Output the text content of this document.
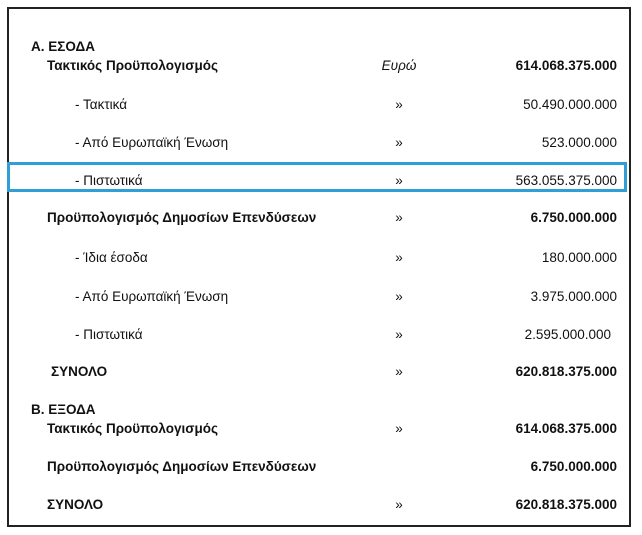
A. ΕΣΟΔΑ
Τακτικός Προϋπολογισμός	Ευρώ	614.068.375.000
- Τακτικά	»	50.490.000.000
- Από Ευρωπαϊκή Ένωση	»	523.000.000
- Πιστωτικά	»	563.055.375.000
Προϋπολογισμός Δημοσίων Επενδύσεων	»	6.750.000.000
- Ίδια έσοδα	»	180.000.000
- Από Ευρωπαϊκή Ένωση	»	3.975.000.000
- Πιστωτικά	»	2.595.000.000
ΣΥΝΟΛΟ	»	620.818.375.000
B. ΕΞΟΔΑ
Τακτικός Προϋπολογισμός	»	614.068.375.000
Προϋπολογισμός Δημοσίων Επενδύσεων	6.750.000.000
ΣΥΝΟΛΟ	»	620.818.375.000
